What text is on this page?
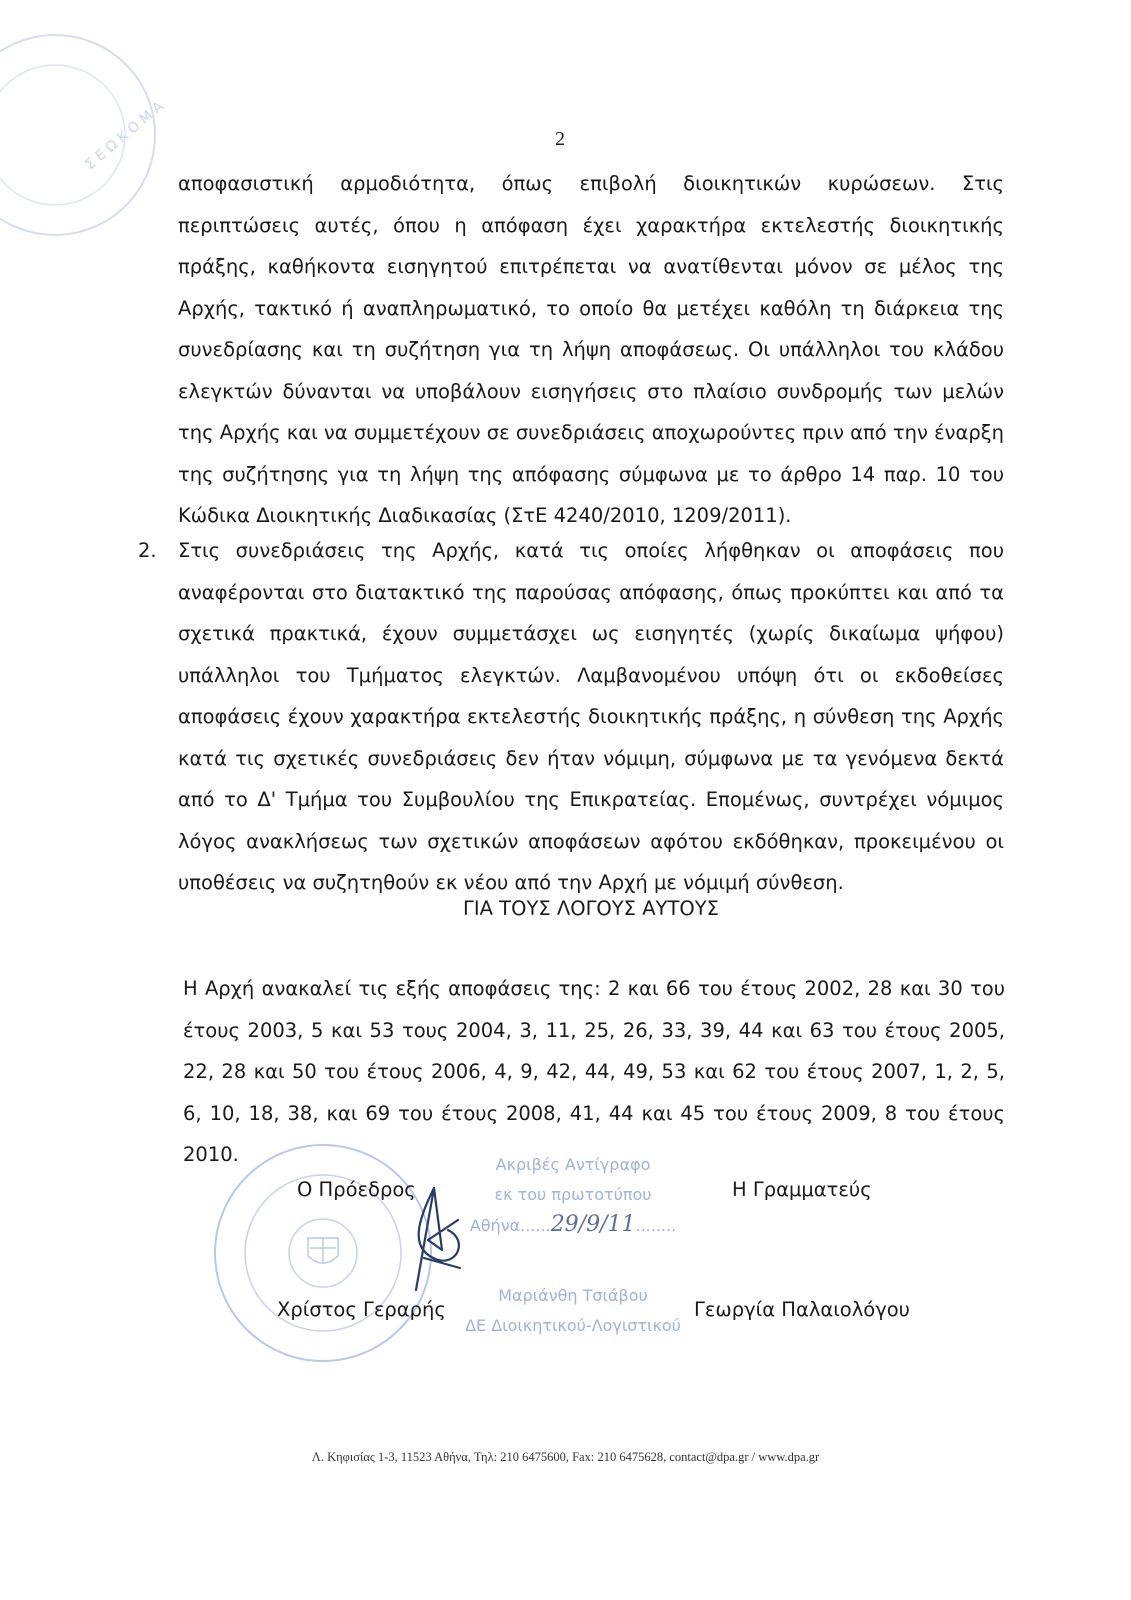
Σ Ε Ω Κ Ο Μ Α	2
αποφασιστική αρμοδιότητα, όπως επιβολή διοικητικών κυρώσεων. Στις περιπτώσεις αυτές, όπου η απόφαση έχει χαρακτήρα εκτελεστής διοικητικής πράξης, καθήκοντα εισηγητού επιτρέπεται να ανατίθενται μόνον σε μέλος της Αρχής, τακτικό ή αναπληρωματικό, το οποίο θα μετέχει καθόλη τη διάρκεια της συνεδρίασης και τη συζήτηση για τη λήψη αποφάσεως. Οι υπάλληλοι του κλάδου ελεγκτών δύνανται να υποβάλουν εισηγήσεις στο πλαίσιο συνδρομής των μελών της Αρχής και να συμμετέχουν σε συνεδριάσεις αποχωρούντες πριν από την έναρξη της συζήτησης για τη λήψη της απόφασης σύμφωνα με το άρθρο 14 παρ. 10 του Κώδικα Διοικητικής Διαδικασίας (ΣτΕ 4240/2010, 1209/2011).
2. Στις συνεδριάσεις της Αρχής, κατά τις οποίες λήφθηκαν οι αποφάσεις που αναφέρονται στο διατακτικό της παρούσας απόφασης, όπως προκύπτει και από τα σχετικά πρακτικά, έχουν συμμετάσχει ως εισηγητές (χωρίς δικαίωμα ψήφου) υπάλληλοι του Τμήματος ελεγκτών. Λαμβανομένου υπόψη ότι οι εκδοθείσες αποφάσεις έχουν χαρακτήρα εκτελεστής διοικητικής πράξης, η σύνθεση της Αρχής κατά τις σχετικές συνεδριάσεις δεν ήταν νόμιμη, σύμφωνα με τα γενόμενα δεκτά από το Δ' Τμήμα του Συμβουλίου της Επικρατείας. Επομένως, συντρέχει νόμιμος λόγος ανακλήσεως των σχετικών αποφάσεων αφότου εκδόθηκαν, προκειμένου οι υποθέσεις να συζητηθούν εκ νέου από την Αρχή με νόμιμή σύνθεση.
ΓΙΑ ΤΟΥΣ ΛΟΓΟΥΣ ΑΥΤΟΥΣ
Η Αρχή ανακαλεί τις εξής αποφάσεις της: 2 και 66 του έτους 2002, 28 και 30 του έτους 2003, 5 και 53 τους 2004, 3, 11, 25, 26, 33, 39, 44 και 63 του έτους 2005, 22, 28 και 50 του έτους 2006, 4, 9, 42, 44, 49, 53 και 62 του έτους 2007, 1, 2, 5, 6, 10, 18, 38, και 69 του έτους 2008, 41, 44 και 45 του έτους 2009, 8 του έτους 2010.	Ακριβές Αντίγραφο
εκ του πρωτοτύπου
Αθήνα......29/9/11........
Μαριάνθη Τσιάβου
ΔΕ Διοικητικού-Λογιστικού
Ο Πρόεδρος	Η Γραμματεύς
Χρίστος Γεραρής	Γεωργία Παλαιολόγου
Λ. Κηφισίας 1-3, 11523 Αθήνα, Τηλ: 210 6475600, Fax: 210 6475628, contact@dpa.gr / www.dpa.gr
